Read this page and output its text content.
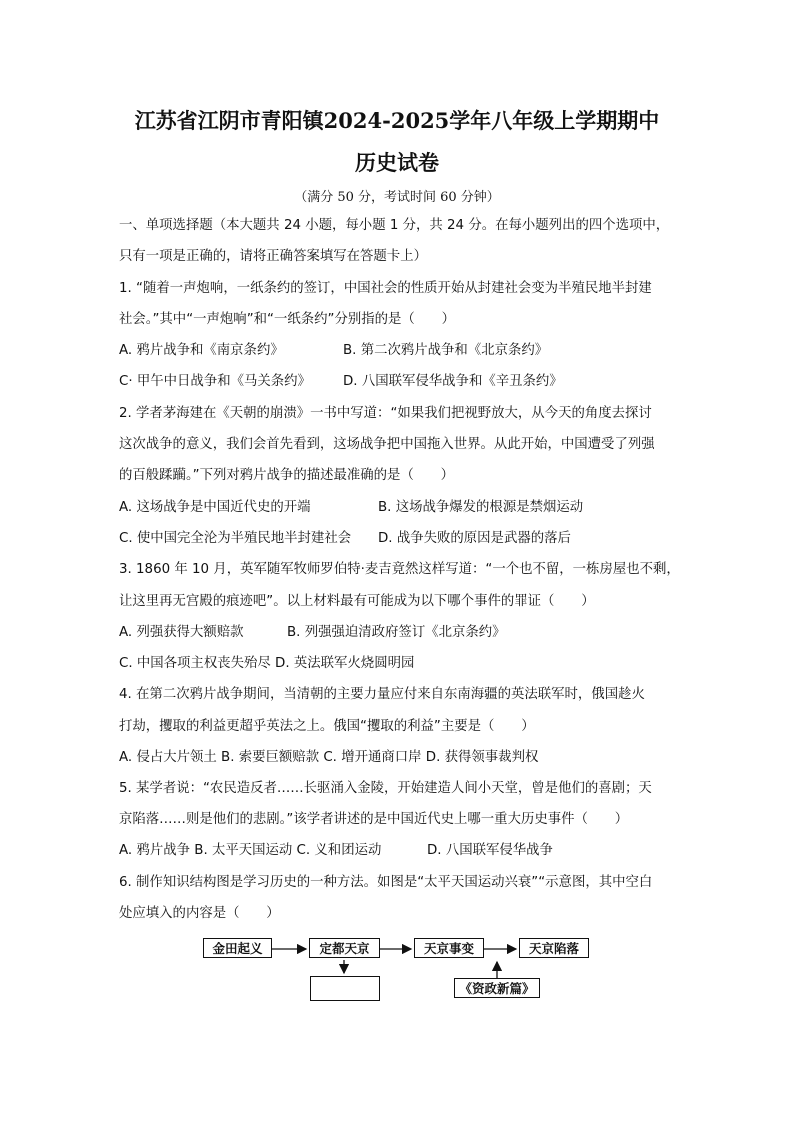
江苏省江阴市青阳镇2024-2025学年八年级上学期期中
历史试卷
（满分 50 分，考试时间 60 分钟）
一、单项选择题（本大题共 24 小题，每小题 1 分，共 24 分。在每小题列出的四个选项中，
只有一项是正确的，请将正确答案填写在答题卡上）
1. “随着一声炮响，一纸条约的签订，中国社会的性质开始从封建社会变为半殖民地半封建
社会。”其中“一声炮响”和“一纸条约”分别指的是（　　）
A. 鸦片战争和《南京条约》	B. 第二次鸦片战争和《北京条约》
C· 甲午中日战争和《马关条约》 D. 八国联军侵华战争和《辛丑条约》
2. 学者茅海建在《天朝的崩溃》一书中写道：“如果我们把视野放大，从今天的角度去探讨
这次战争的意义，我们会首先看到，这场战争把中国拖入世界。从此开始，中国遭受了列强
的百般蹂躏。”下列对鸦片战争的描述最准确的是（　　）
A. 这场战争是中国近代史的开端	B. 这场战争爆发的根源是禁烟运动
C. 使中国完全沦为半殖民地半封建社会 D. 战争失败的原因是武器的落后
3. 1860 年 10 月，英军随军牧师罗伯特·麦吉竟然这样写道：“一个也不留，一栋房屋也不剩，
让这里再无宫殿的痕迹吧”。以上材料最有可能成为以下哪个事件的罪证（　　）
A. 列强获得大额赔款	B. 列强强迫清政府签订《北京条约》
C. 中国各项主权丧失殆尽 D. 英法联军火烧圆明园
4. 在第二次鸦片战争期间，当清朝的主要力量应付来自东南海疆的英法联军时，俄国趁火
打劫，攫取的利益更超乎英法之上。俄国“攫取的利益”主要是（　　）
A. 侵占大片领土 B. 索要巨额赔款 C. 增开通商口岸 D. 获得领事裁判权
5. 某学者说：“农民造反者……长驱涌入金陵，开始建造人间小天堂，曾是他们的喜剧；天
京陷落……则是他们的悲剧。”该学者讲述的是中国近代史上哪一重大历史事件（　　）
A. 鸦片战争 B. 太平天国运动 C. 义和团运动	D. 八国联军侵华战争
6. 制作知识结构图是学习历史的一种方法。如图是“太平天国运动兴衰”“示意图，其中空白
处应填入的内容是（　　）
金田起义	定都天京	天京事变	天京陷落
《资政新篇》
